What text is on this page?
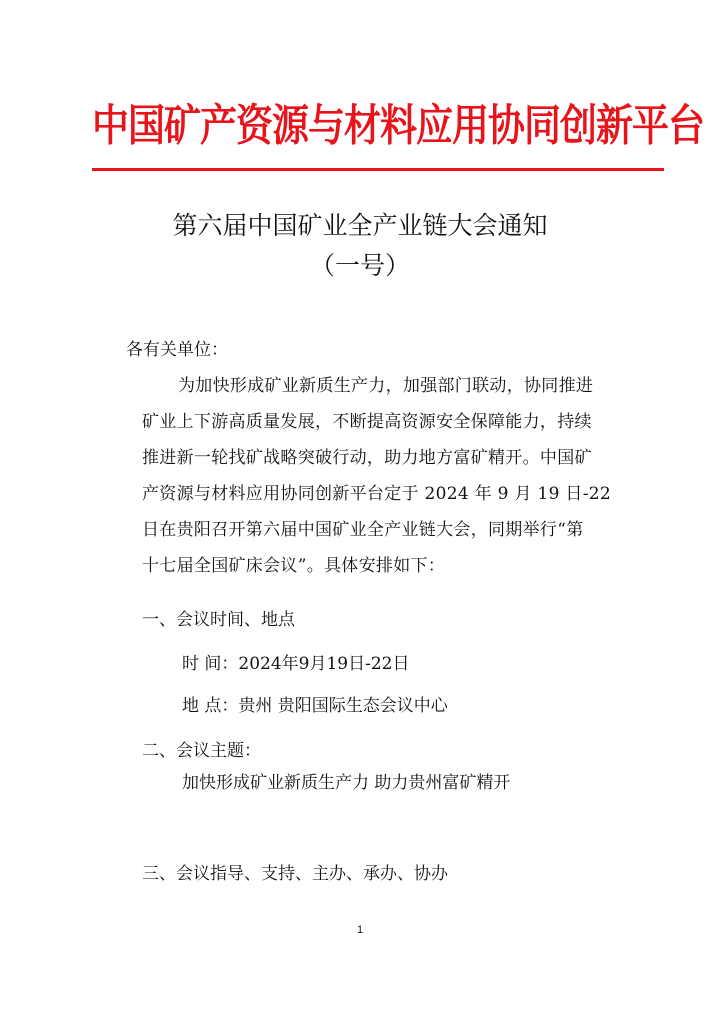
中国矿产资源与材料应用协同创新平台
第六届中国矿业全产业链大会通知
（一号）
各有关单位：
为加快形成矿业新质生产力，加强部门联动，协同推进
矿业上下游高质量发展，不断提高资源安全保障能力，持续
推进新一轮找矿战略突破行动，助力地方富矿精开。中国矿
产资源与材料应用协同创新平台定于 2024 年 9 月 19 日-22
日在贵阳召开第六届中国矿业全产业链大会，同期举行“第
十七届全国矿床会议”。具体安排如下：
一、会议时间、地点
时 间：2024年9月19日-22日
地 点：贵州 贵阳国际生态会议中心
二、会议主题：
加快形成矿业新质生产力 助力贵州富矿精开
三、会议指导、支持、主办、承办、协办
1
